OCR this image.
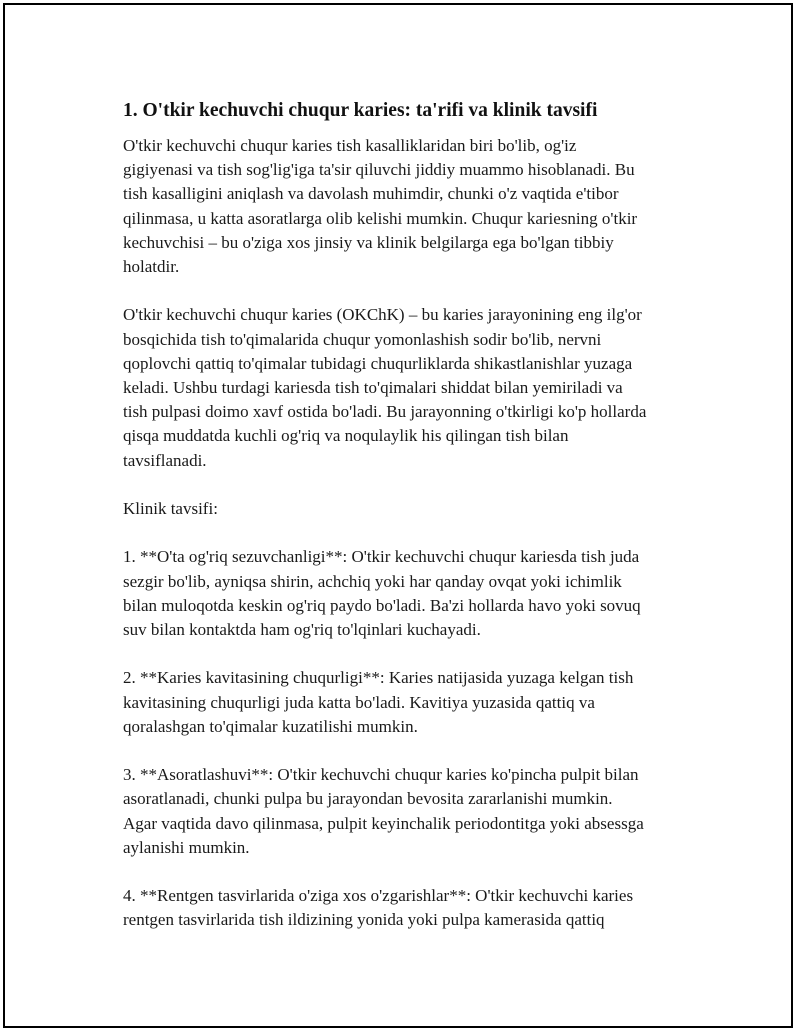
1. O'tkir kechuvchi chuqur karies: ta'rifi va klinik tavsifi
O'tkir kechuvchi chuqur karies tish kasalliklaridan biri bo'lib, og'iz
gigiyenasi va tish sog'lig'iga ta'sir qiluvchi jiddiy muammo hisoblanadi. Bu
tish kasalligini aniqlash va davolash muhimdir, chunki o'z vaqtida e'tibor
qilinmasa, u katta asoratlarga olib kelishi mumkin. Chuqur kariesning o'tkir
kechuvchisi – bu o'ziga xos jinsiy va klinik belgilarga ega bo'lgan tibbiy
holatdir.
O'tkir kechuvchi chuqur karies (OKChK) – bu karies jarayonining eng ilg'or
bosqichida tish to'qimalarida chuqur yomonlashish sodir bo'lib, nervni
qoplovchi qattiq to'qimalar tubidagi chuqurliklarda shikastlanishlar yuzaga
keladi. Ushbu turdagi kariesda tish to'qimalari shiddat bilan yemiriladi va
tish pulpasi doimo xavf ostida bo'ladi. Bu jarayonning o'tkirligi ko'p hollarda
qisqa muddatda kuchli og'riq va noqulaylik his qilingan tish bilan
tavsiflanadi.
Klinik tavsifi:
1. **O'ta og'riq sezuvchanligi**: O'tkir kechuvchi chuqur kariesda tish juda
sezgir bo'lib, ayniqsa shirin, achchiq yoki har qanday ovqat yoki ichimlik
bilan muloqotda keskin og'riq paydo bo'ladi. Ba'zi hollarda havo yoki sovuq
suv bilan kontaktda ham og'riq to'lqinlari kuchayadi.
2. **Karies kavitasining chuqurligi**: Karies natijasida yuzaga kelgan tish
kavitasining chuqurligi juda katta bo'ladi. Kavitiya yuzasida qattiq va
qoralashgan to'qimalar kuzatilishi mumkin.
3. **Asoratlashuvi**: O'tkir kechuvchi chuqur karies ko'pincha pulpit bilan
asoratlanadi, chunki pulpa bu jarayondan bevosita zararlanishi mumkin.
Agar vaqtida davo qilinmasa, pulpit keyinchalik periodontitga yoki absessga
aylanishi mumkin.
4. **Rentgen tasvirlarida o'ziga xos o'zgarishlar**: O'tkir kechuvchi karies
rentgen tasvirlarida tish ildizining yonida yoki pulpa kamerasida qattiq
